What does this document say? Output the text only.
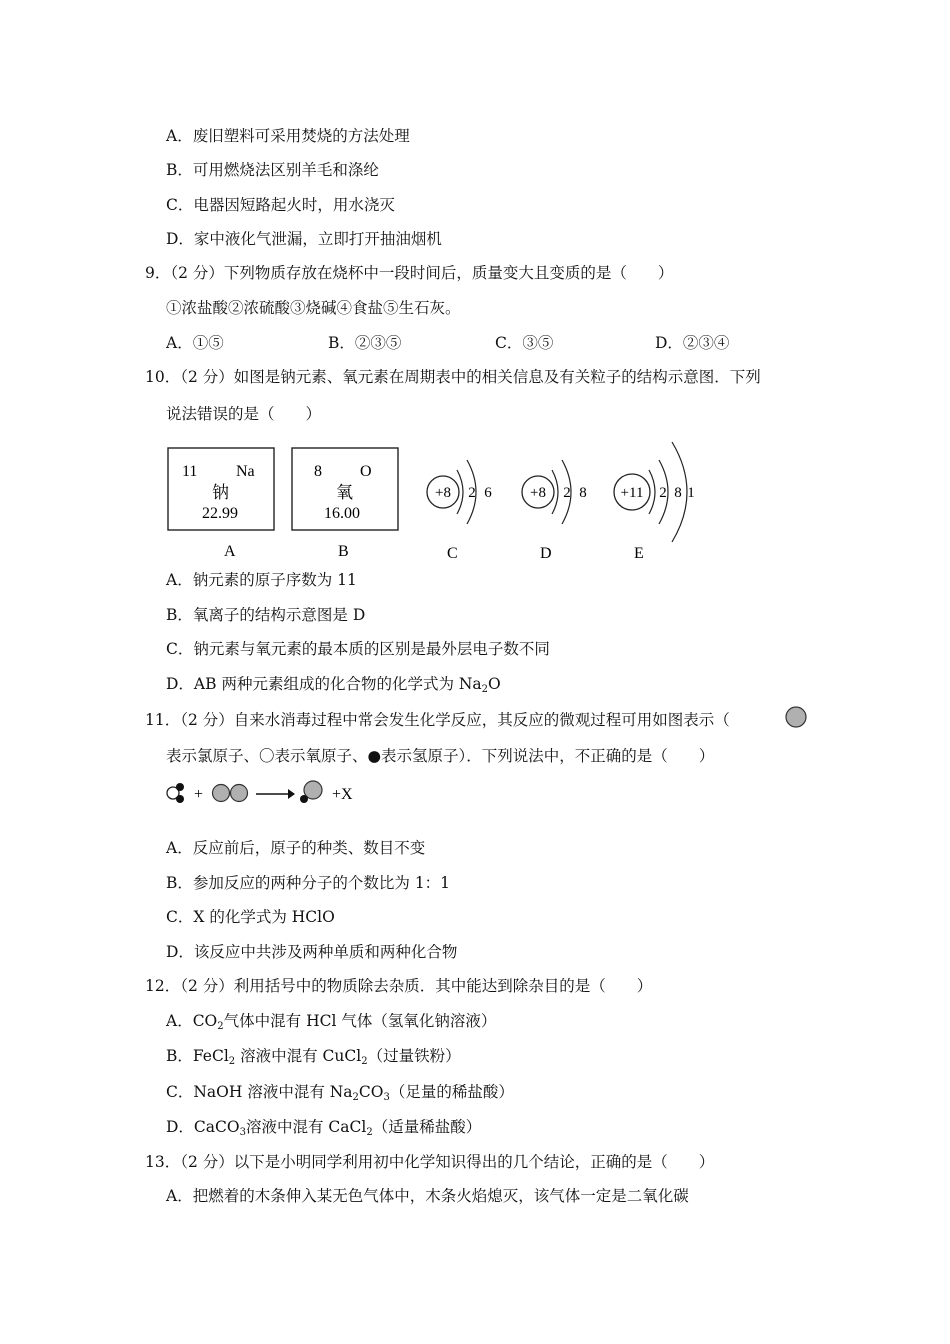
A．废旧塑料可采用焚烧的方法处理
B．可用燃烧法区别羊毛和涤纶
C．电器因短路起火时，用水浇灭
D．家中液化气泄漏，立即打开抽油烟机
9．（2 分）下列物质存放在烧杯中一段时间后，质量变大且变质的是（　　）
①浓盐酸②浓硫酸③烧碱④食盐⑤生石灰。
A．①⑤	B．②③⑤	C．③⑤	D．②③④
10．（2 分）如图是钠元素、氧元素在周期表中的相关信息及有关粒子的结构示意图．下列
说法错误的是（　　）
11 Na
钠
22.99
A
8 O
氧
16.00
B
+8 2 6
C
+8 2 8
D
+11 2 8 1
E
A．钠元素的原子序数为 11
B．氧离子的结构示意图是 D
C．钠元素与氧元素的最本质的区别是最外层电子数不同
D．AB 两种元素组成的化合物的化学式为 Na2O
11．（2 分）自来水消毒过程中常会发生化学反应，其反应的微观过程可用如图表示（
表示氯原子、〇表示氧原子、●表示氢原子）．下列说法中，不正确的是（　　）
+	+X
A．反应前后，原子的种类、数目不变
B．参加反应的两种分子的个数比为 1：1
C．X 的化学式为 HClO
D．该反应中共涉及两种单质和两种化合物
12．（2 分）利用括号中的物质除去杂质．其中能达到除杂目的是（　　）
A．CO2气体中混有 HCl 气体（氢氧化钠溶液）
B．FeCl2 溶液中混有 CuCl2（过量铁粉）
C．NaOH 溶液中混有 Na2CO3（足量的稀盐酸）
D．CaCO3溶液中混有 CaCl2（适量稀盐酸）
13．（2 分）以下是小明同学利用初中化学知识得出的几个结论，正确的是（　　）
A．把燃着的木条伸入某无色气体中，木条火焰熄灭，该气体一定是二氧化碳
